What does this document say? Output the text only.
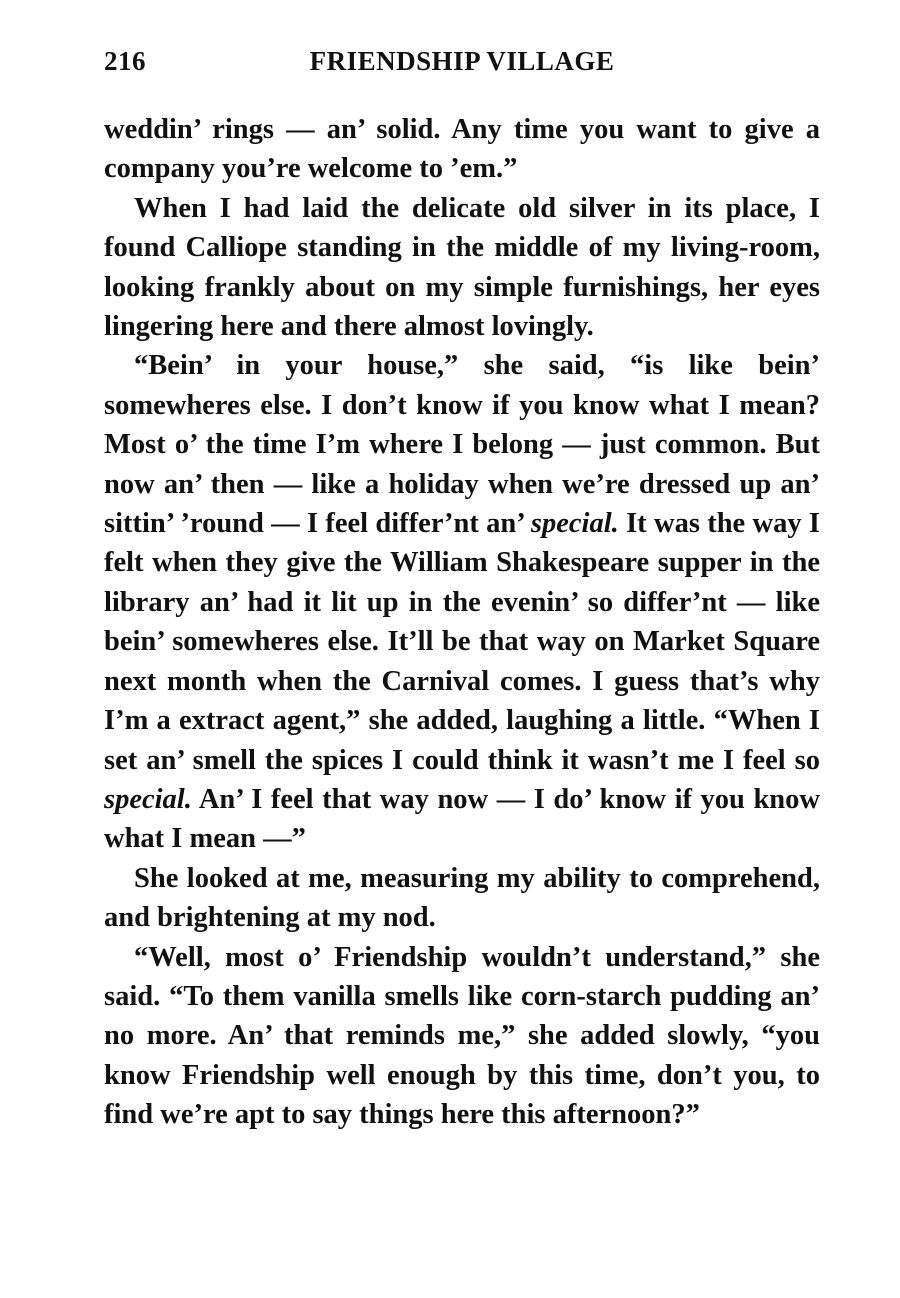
216	FRIENDSHIP VILLAGE

weddin’ rings — an’ solid. Any time you want to give a company you’re welcome to ’em.”

When I had laid the delicate old silver in its place, I found Calliope standing in the middle of my living-room, looking frankly about on my simple furnishings, her eyes lingering here and there almost lovingly.

“Bein’ in your house,” she said, “is like bein’ somewheres else. I don’t know if you know what I mean? Most o’ the time I’m where I belong — just common. But now an’ then — like a holiday when we’re dressed up an’ sittin’ ’round — I feel differ’nt an’ special. It was the way I felt when they give the William Shakespeare supper in the library an’ had it lit up in the evenin’ so differ’nt — like bein’ somewheres else. It’ll be that way on Market Square next month when the Carnival comes. I guess that’s why I’m a extract agent,” she added, laughing a little. “When I set an’ smell the spices I could think it wasn’t me I feel so special. An’ I feel that way now — I do’ know if you know what I mean —”

She looked at me, measuring my ability to comprehend, and brightening at my nod.

“Well, most o’ Friendship wouldn’t understand,” she said. “To them vanilla smells like corn-starch pudding an’ no more. An’ that reminds me,” she added slowly, “you know Friendship well enough by this time, don’t you, to find we’re apt to say things here this afternoon?”
